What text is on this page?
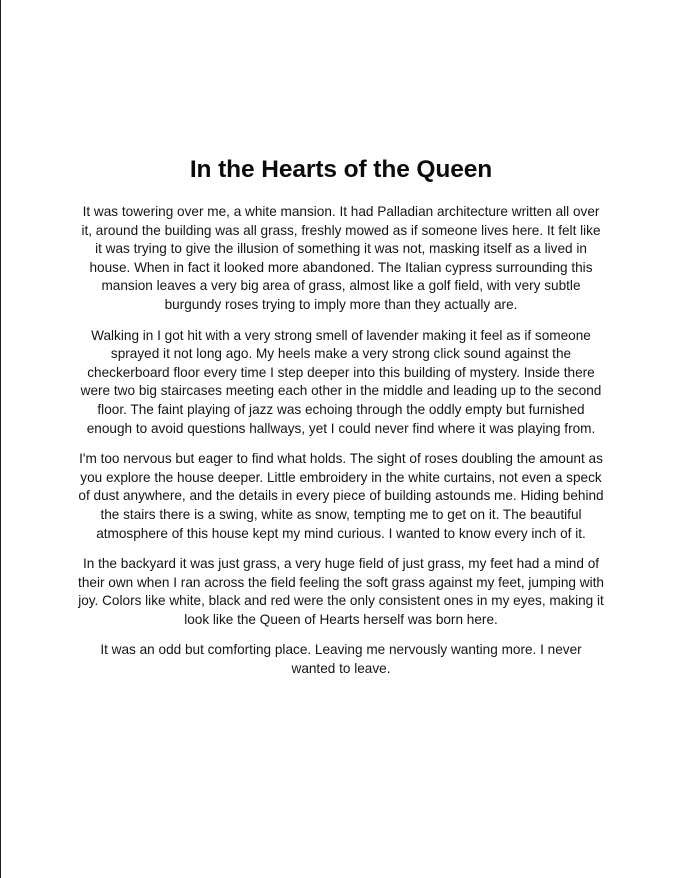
In the Hearts of the Queen

It was towering over me, a white mansion. It had Palladian architecture written all over it, around the building was all grass, freshly mowed as if someone lives here. It felt like it was trying to give the illusion of something it was not, masking itself as a lived in house. When in fact it looked more abandoned. The Italian cypress surrounding this mansion leaves a very big area of grass, almost like a golf field, with very subtle burgundy roses trying to imply more than they actually are.

Walking in I got hit with a very strong smell of lavender making it feel as if someone sprayed it not long ago. My heels make a very strong click sound against the checkerboard floor every time I step deeper into this building of mystery. Inside there were two big staircases meeting each other in the middle and leading up to the second floor. The faint playing of jazz was echoing through the oddly empty but furnished enough to avoid questions hallways, yet I could never find where it was playing from.

I'm too nervous but eager to find what holds. The sight of roses doubling the amount as you explore the house deeper. Little embroidery in the white curtains, not even a speck of dust anywhere, and the details in every piece of building astounds me. Hiding behind the stairs there is a swing, white as snow, tempting me to get on it. The beautiful atmosphere of this house kept my mind curious. I wanted to know every inch of it.

In the backyard it was just grass, a very huge field of just grass, my feet had a mind of their own when I ran across the field feeling the soft grass against my feet, jumping with joy. Colors like white, black and red were the only consistent ones in my eyes, making it look like the Queen of Hearts herself was born here.

It was an odd but comforting place. Leaving me nervously wanting more. I never wanted to leave.
